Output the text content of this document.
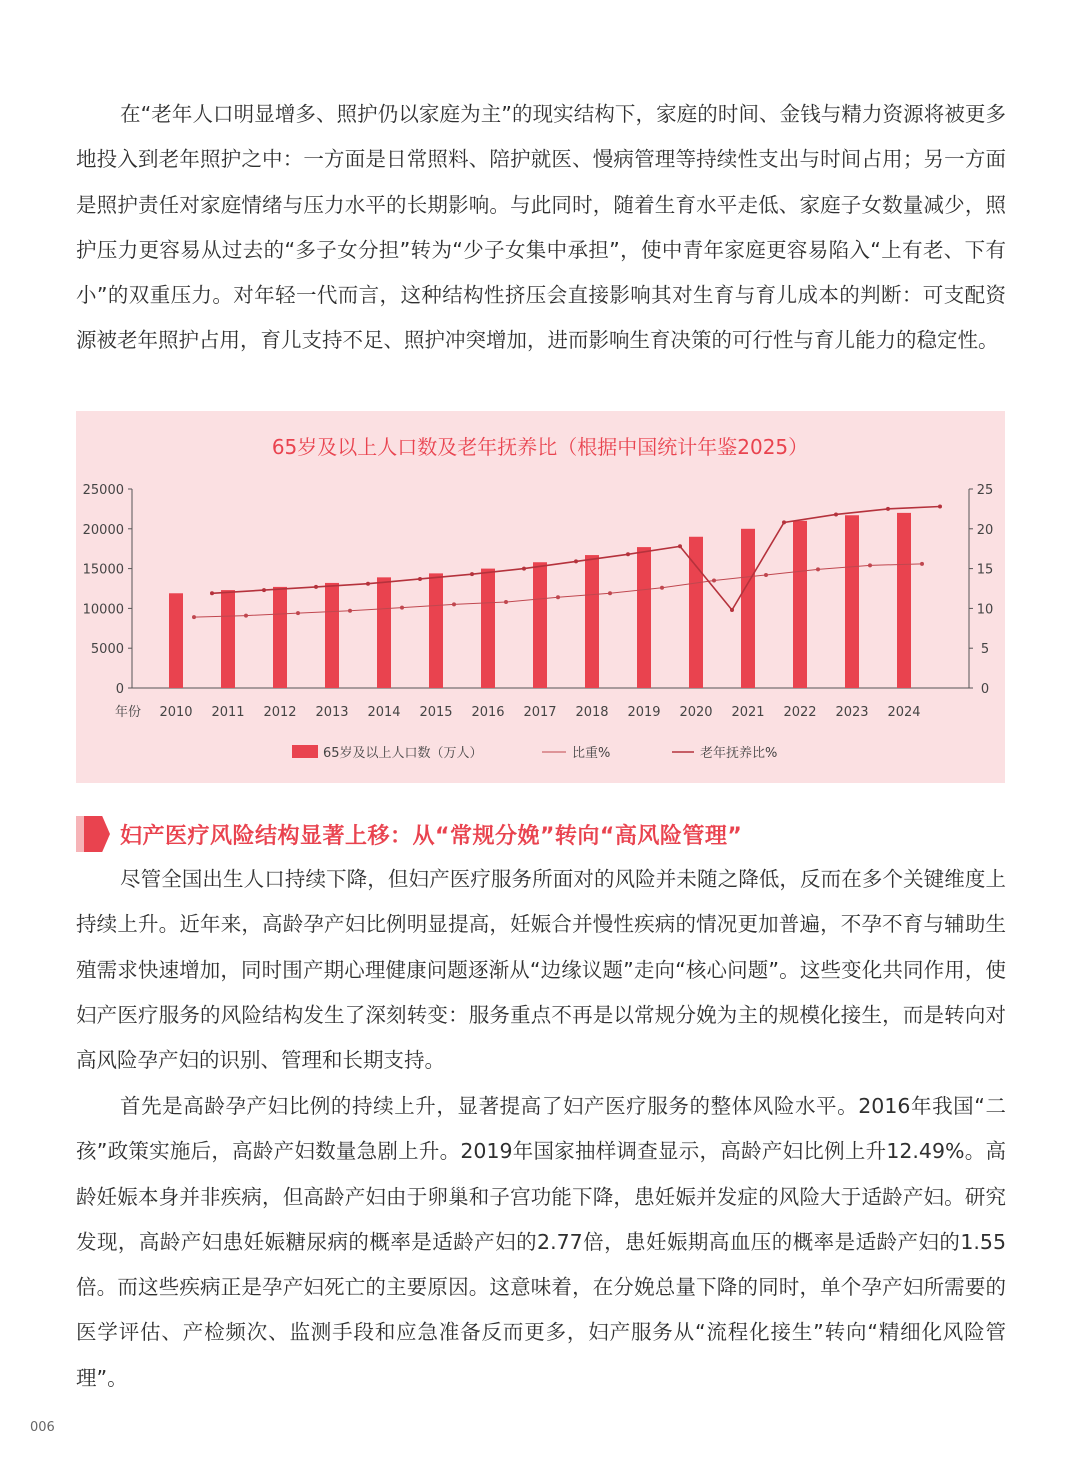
在“老年人口明显增多、照护仍以家庭为主”的现实结构下，家庭的时间、金钱与精力资源将被更多地投入到老年照护之中：一方面是日常照料、陪护就医、慢病管理等持续性支出与时间占用；另一方面是照护责任对家庭情绪与压力水平的长期影响。与此同时，随着生育水平走低、家庭子女数量减少，照护压力更容易从过去的“多子女分担”转为“少子女集中承担”，使中青年家庭更容易陷入“上有老、下有小”的双重压力。对年轻一代而言，这种结构性挤压会直接影响其对生育与育儿成本的判断：可支配资源被老年照护占用，育儿支持不足、照护冲突增加，进而影响生育决策的可行性与育儿能力的稳定性。

65岁及以上人口数及老年抚养比（根据中国统计年鉴2025）
0
5000
10000
15000
20000
25000
0
5
10
15
20
25
年份 2010 2011 2012 2013 2014 2015 2016 2017 2018 2019 2020 2021 2022 2023 2024
65岁及以上人口数（万人）	比重%	老年抚养比%
妇产医疗风险结构显著上移：从“常规分娩”转向“高风险管理”

尽管全国出生人口持续下降，但妇产医疗服务所面对的风险并未随之降低，反而在多个关键维度上持续上升。近年来，高龄孕产妇比例明显提高，妊娠合并慢性疾病的情况更加普遍，不孕不育与辅助生殖需求快速增加，同时围产期心理健康问题逐渐从“边缘议题”走向“核心问题”。这些变化共同作用，使妇产医疗服务的风险结构发生了深刻转变：服务重点不再是以常规分娩为主的规模化接生，而是转向对高风险孕产妇的识别、管理和长期支持。

首先是高龄孕产妇比例的持续上升，显著提高了妇产医疗服务的整体风险水平。2016年我国“二孩”政策实施后，高龄产妇数量急剧上升。2019年国家抽样调查显示，高龄产妇比例上升12.49%。高龄妊娠本身并非疾病，但高龄产妇由于卵巢和子宫功能下降，患妊娠并发症的风险大于适龄产妇。研究发现，高龄产妇患妊娠糖尿病的概率是适龄产妇的2.77倍，患妊娠期高血压的概率是适龄产妇的1.55倍。而这些疾病正是孕产妇死亡的主要原因。这意味着，在分娩总量下降的同时，单个孕产妇所需要的医学评估、产检频次、监测手段和应急准备反而更多，妇产服务从“流程化接生”转向“精细化风险管理”。

006
